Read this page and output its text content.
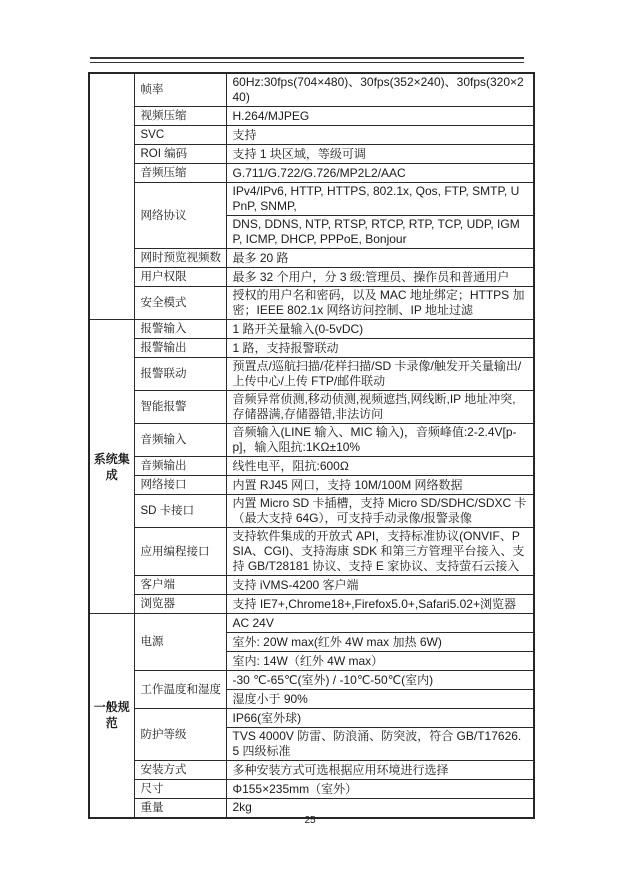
	帧率	60Hz:30fps(704×480)、30fps(352×240)、30fps(320×240)
	视频压缩	H.264/MJPEG
	SVC	支持
	ROI 编码	支持 1 块区域，等级可调
	音频压缩	G.711/G.722/G.726/MP2L2/AAC
	网络协议	IPv4/IPv6, HTTP, HTTPS, 802.1x, Qos, FTP, SMTP, UPnP, SNMP,
		DNS, DDNS, NTP, RTSP, RTCP, RTP, TCP, UDP, IGMP, ICMP, DHCP, PPPoE, Bonjour
	网时预览视频数	最多 20 路
	用户权限	最多 32 个用户，分 3 级:管理员、操作员和普通用户
	安全模式	授权的用户名和密码，以及 MAC 地址绑定；HTTPS 加密；IEEE 802.1x 网络访问控制、IP 地址过滤
系统集成	报警输入	1 路开关量输入(0-5vDC)
	报警输出	1 路，支持报警联动
	报警联动	预置点/巡航扫描/花样扫描/SD 卡录像/触发开关量输出/上传中心/上传 FTP/邮件联动
	智能报警	音频异常侦测,移动侦测,视频遮挡,网线断,IP 地址冲突,存储器满,存储器错,非法访问
	音频输入	音频输入(LINE 输入、MIC 输入)，音频峰值:2-2.4V[p-p]，输入阻抗:1KΩ±10%
	音频输出	线性电平，阻抗:600Ω
	网络接口	内置 RJ45 网口，支持 10M/100M 网络数据
	SD 卡接口	内置 Micro SD 卡插槽，支持 Micro SD/SDHC/SDXC 卡（最大支持 64G），可支持手动录像/报警录像
	应用编程接口	支持软件集成的开放式 API，支持标准协议(ONVIF、PSIA、CGI)、支持海康 SDK 和第三方管理平台接入、支持 GB/T28181 协议、支持 E 家协议、支持萤石云接入
	客户端	支持 iVMS-4200 客户端
	浏览器	支持 IE7+,Chrome18+,Firefox5.0+,Safari5.02+浏览器
一般规范	电源	AC 24V
		室外: 20W max(红外 4W max 加热 6W)
		室内: 14W（红外 4W max）
	工作温度和湿度	-30 ℃-65℃(室外) / -10℃-50℃(室内)
		湿度小于 90%
	防护等级	IP66(室外球)
		TVS 4000V 防雷、防浪涌、防突波，符合 GB/T17626.5 四级标准
	安装方式	多种安装方式可选根据应用环境进行选择
	尺寸	Φ155×235mm（室外）
	重量	2kg
25
